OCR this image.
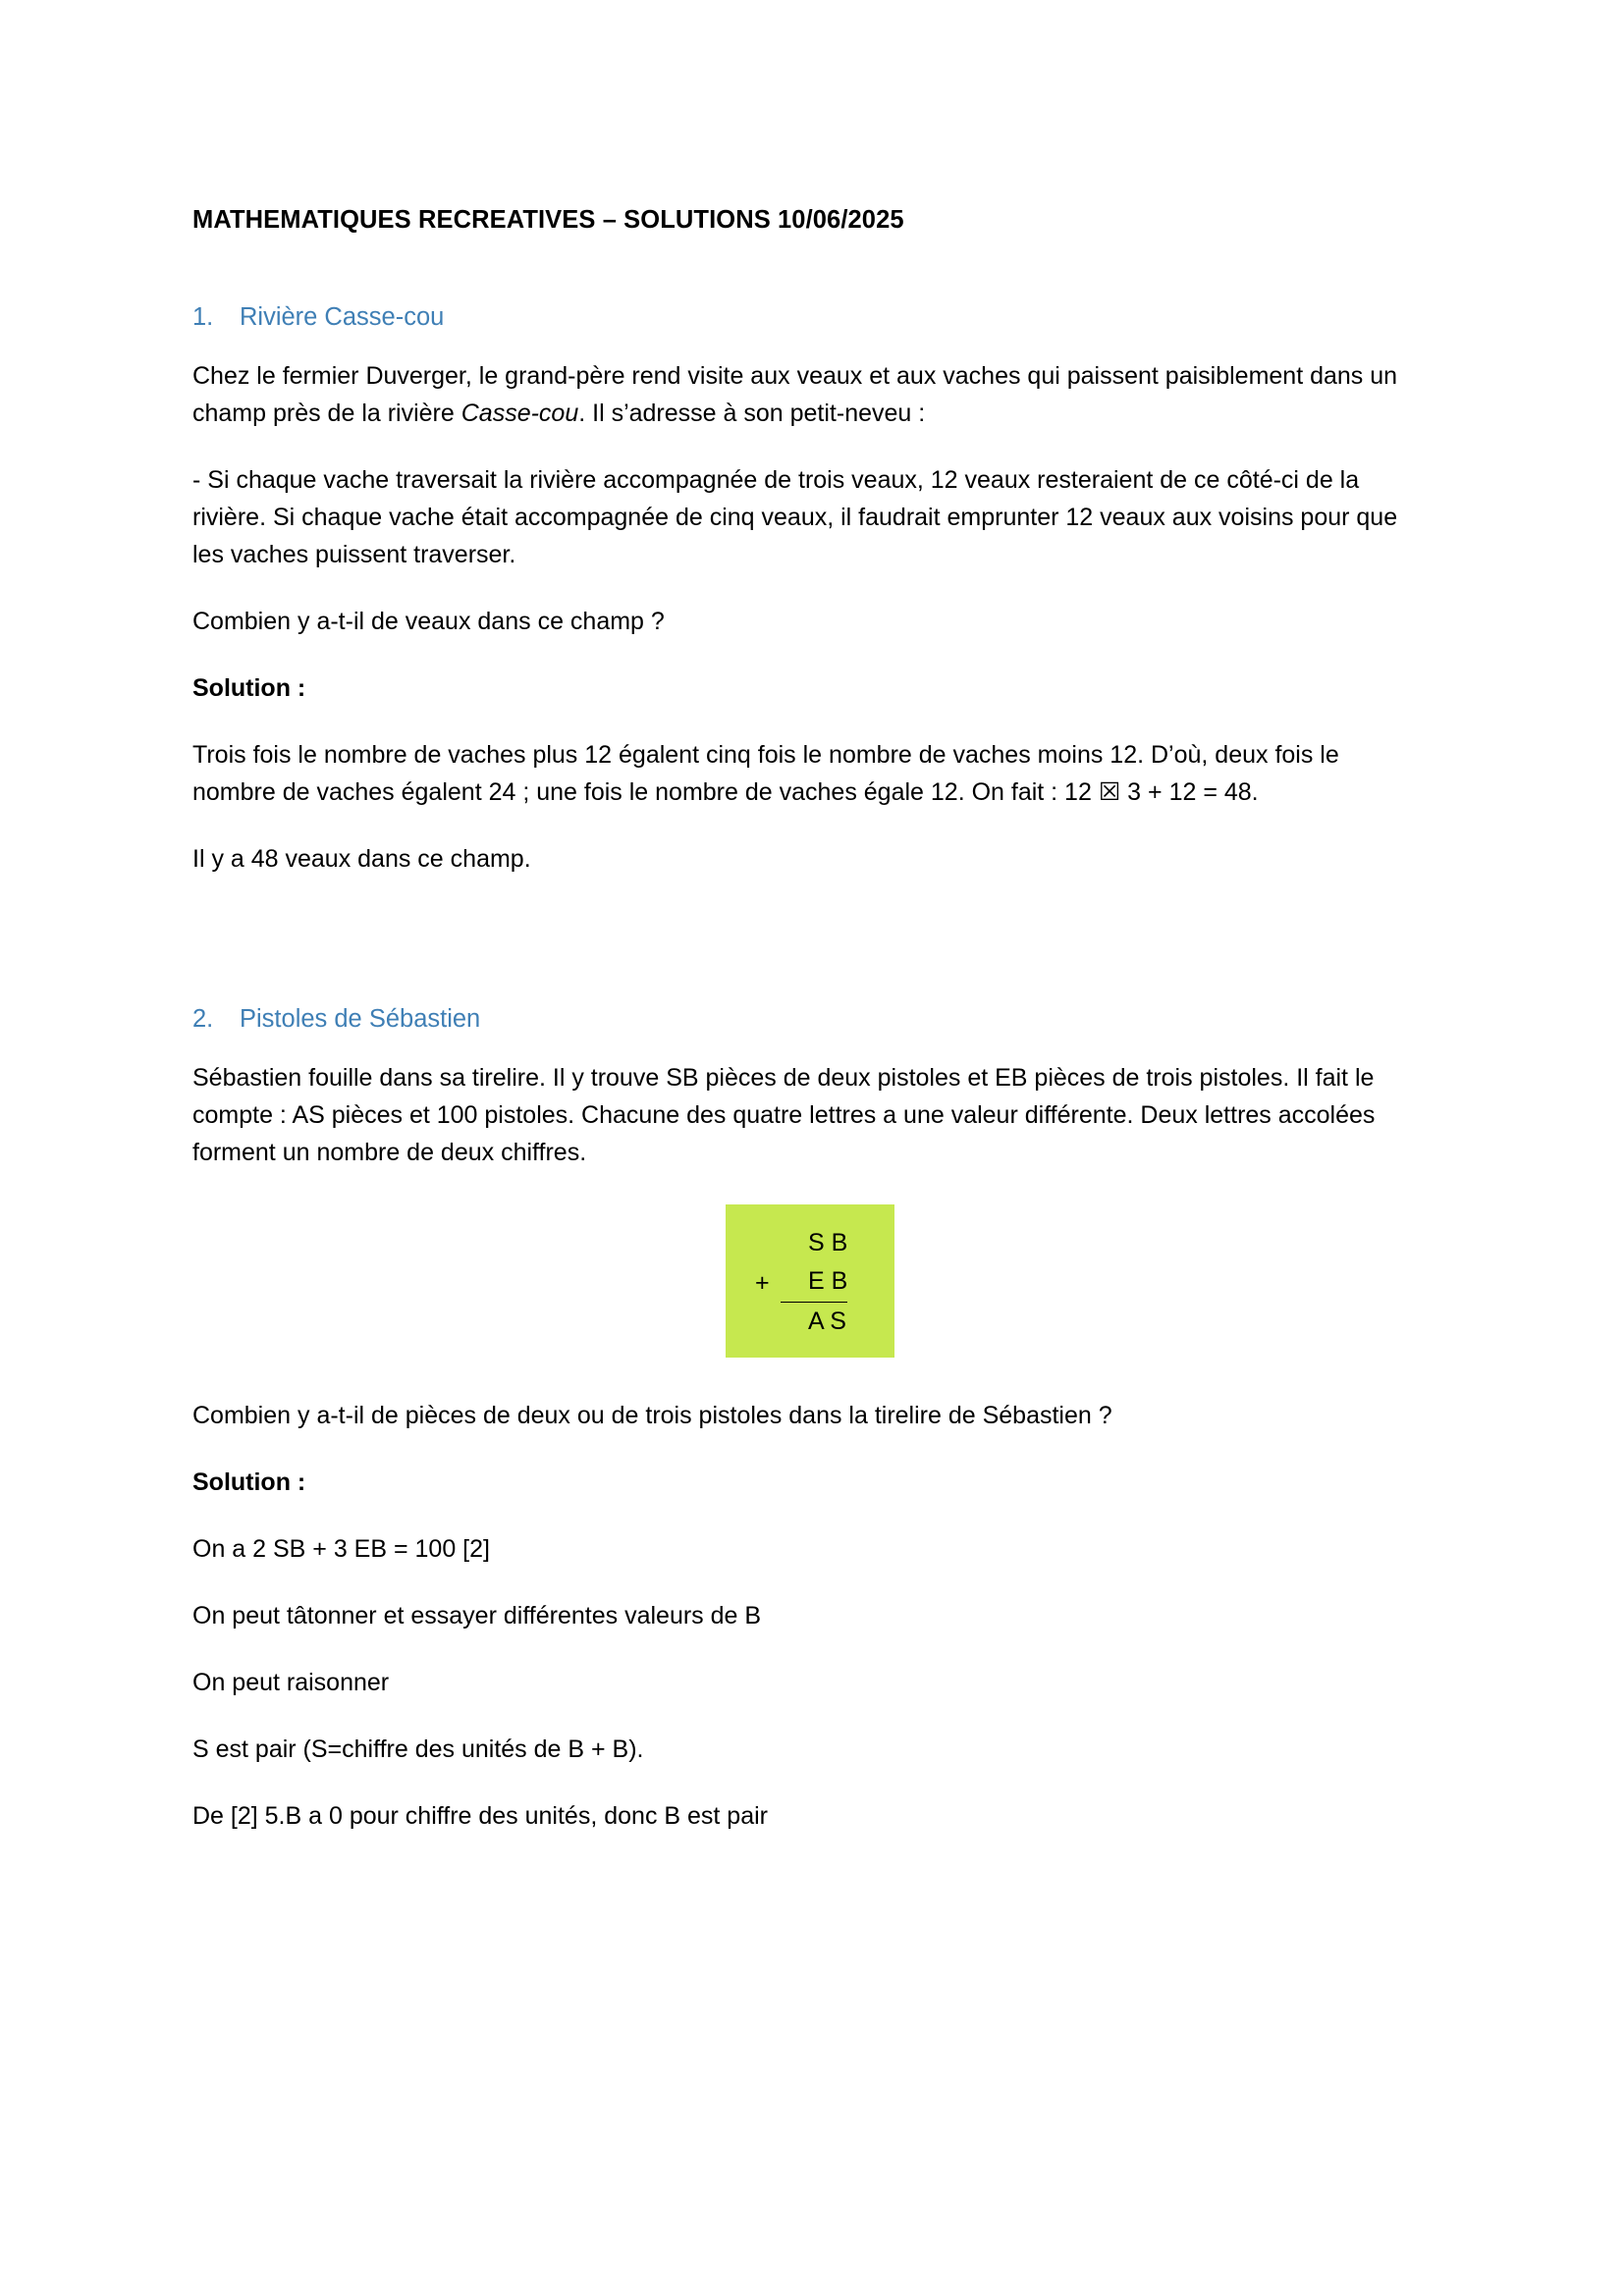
MATHEMATIQUES RECREATIVES – SOLUTIONS 10/06/2025
1.	Rivière Casse-cou

Chez le fermier Duverger, le grand-père rend visite aux veaux et aux vaches qui paissent paisiblement dans un champ près de la rivière Casse-cou. Il s’adresse à son petit-neveu :

- Si chaque vache traversait la rivière accompagnée de trois veaux, 12 veaux resteraient de ce côté-ci de la rivière. Si chaque vache était accompagnée de cinq veaux, il faudrait emprunter 12 veaux aux voisins pour que les vaches puissent traverser.

Combien y a-t-il de veaux dans ce champ ?

Solution :

Trois fois le nombre de vaches plus 12 égalent cinq fois le nombre de vaches moins 12. D’où, deux fois le nombre de vaches égalent 24 ; une fois le nombre de vaches égale 12. On fait : 12 ☒ 3 + 12 = 48.

Il y a 48 veaux dans ce champ.

2.	Pistoles de Sébastien

Sébastien fouille dans sa tirelire. Il y trouve SB pièces de deux pistoles et EB pièces de trois pistoles. Il fait le compte : AS pièces et 100 pistoles. Chacune des quatre lettres a une valeur différente. Deux lettres accolées forment un nombre de deux chiffres.

S B
+	E B
A S

Combien y a-t-il de pièces de deux ou de trois pistoles dans la tirelire de Sébastien ?

Solution :

On a 2 SB + 3 EB = 100 [2]

On peut tâtonner et essayer différentes valeurs de B

On peut raisonner

S est pair (S=chiffre des unités de B + B).

De [2] 5.B a 0 pour chiffre des unités, donc B est pair
